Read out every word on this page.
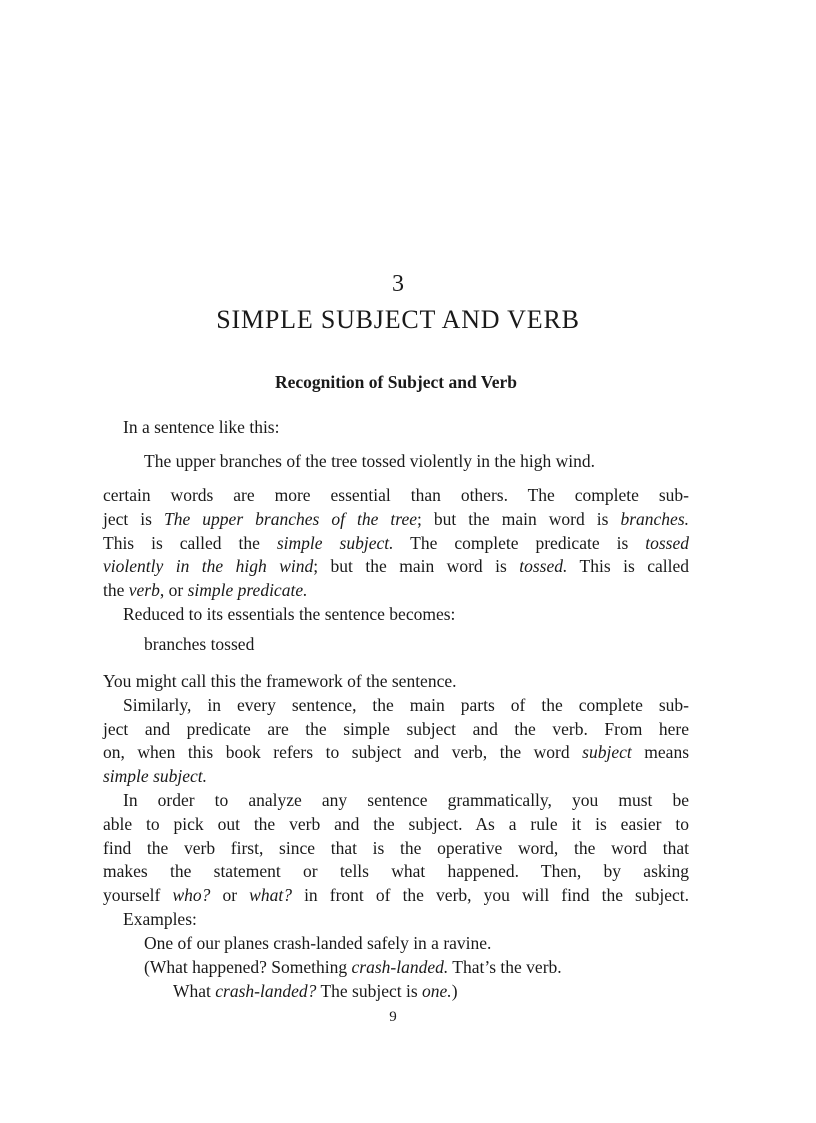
3
SIMPLE SUBJECT AND VERB
Recognition of Subject and Verb
In a sentence like this:
The upper branches of the tree tossed violently in the high wind.
certain words are more essential than others. The complete sub-
ject is The upper branches of the tree; but the main word is branches.
This is called the simple subject. The complete predicate is tossed
violently in the high wind; but the main word is tossed. This is called
the verb, or simple predicate.
Reduced to its essentials the sentence becomes:
branches tossed
You might call this the framework of the sentence.
Similarly, in every sentence, the main parts of the complete sub-
ject and predicate are the simple subject and the verb. From here
on, when this book refers to subject and verb, the word subject means
simple subject.
In order to analyze any sentence grammatically, you must be
able to pick out the verb and the subject. As a rule it is easier to
find the verb first, since that is the operative word, the word that
makes the statement or tells what happened. Then, by asking
yourself who? or what? in front of the verb, you will find the subject.
Examples:
One of our planes crash-landed safely in a ravine.
(What happened? Something crash-landed. That’s the verb.
What crash-landed? The subject is one.)
9
